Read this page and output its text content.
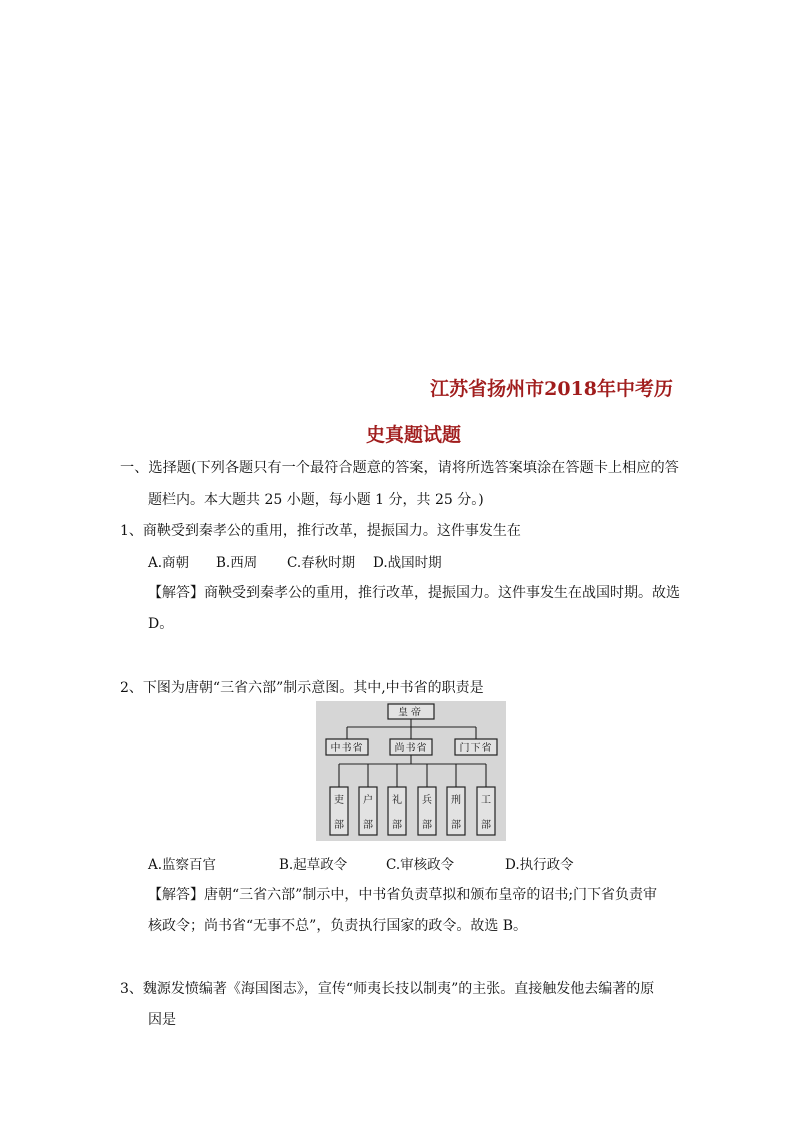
江苏省扬州市2018年中考历
史真题试题
一、选择题(下列各题只有一个最符合题意的答案，请将所选答案填涂在答题卡上相应的答
题栏内。本大题共 25 小题，每小题 1 分，共 25 分。)
1、商鞅受到秦孝公的重用，推行改革，提振国力。这件事发生在
A.商朝 B.西周 C.春秋时期 D.战国时期
【解答】商鞅受到秦孝公的重用，推行改革，提振国力。这件事发生在战国时期。故选
D。
2、下图为唐朝“三省六部”制示意图。其中,中书省的职责是
皇帝
中书省	尚书省	门下省
吏
部
户
部
礼
部
兵
部
刑
部
工
部
A.监察百官	B.起草政令	C.审核政令	D.执行政令
【解答】唐朝“三省六部”制示中，中书省负责草拟和颁布皇帝的诏书;门下省负责审
核政令；尚书省“无事不总”，负责执行国家的政令。故选 B。
3、魏源发愤编著《海国图志》，宣传“师夷长技以制夷”的主张。直接触发他去编著的原
因是
